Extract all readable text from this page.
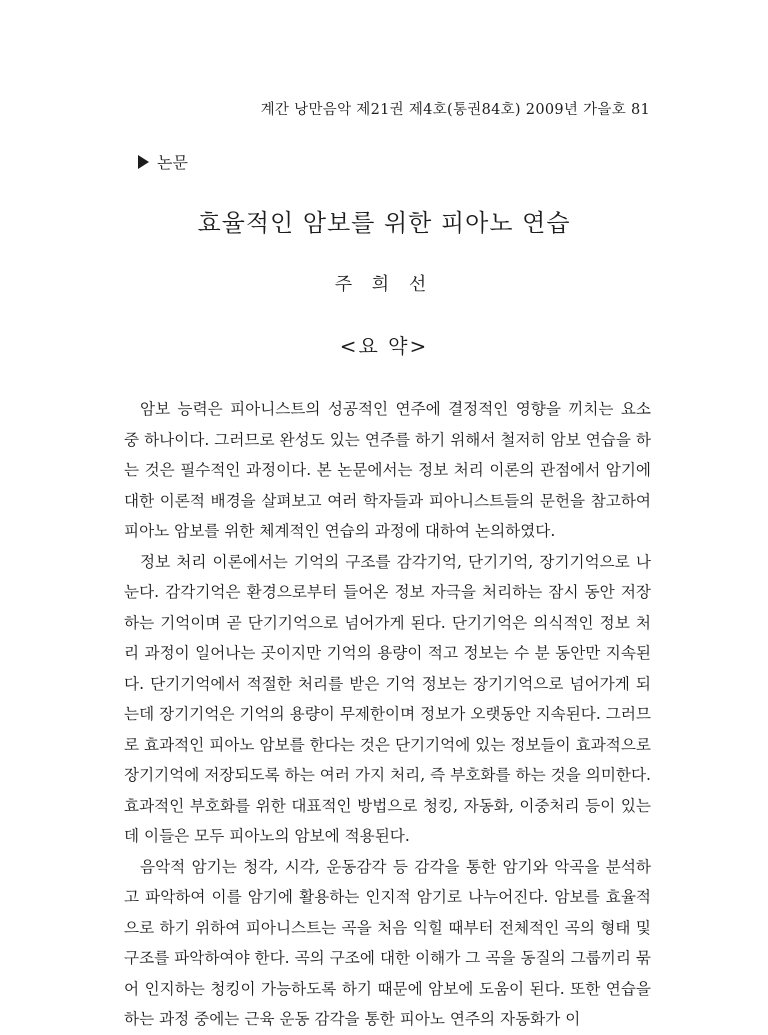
계간 낭만음악 제21권 제4호(통권84호) 2009년 가을호 81
논문
효율적인 암보를 위한 피아노 연습
주 희 선
<요 약>

암보 능력은 피아니스트의 성공적인 연주에 결정적인 영향을 끼치는 요소 중 하나이다. 그러므로 완성도 있는 연주를 하기 위해서 철저히 암보 연습을 하는 것은 필수적인 과정이다. 본 논문에서는 정보 처리 이론의 관점에서 암기에 대한 이론적 배경을 살펴보고 여러 학자들과 피아니스트들의 문헌을 참고하여 피아노 암보를 위한 체계적인 연습의 과정에 대하여 논의하였다.

정보 처리 이론에서는 기억의 구조를 감각기억, 단기기억, 장기기억으로 나눈다. 감각기억은 환경으로부터 들어온 정보 자극을 처리하는 잠시 동안 저장하는 기억이며 곧 단기기억으로 넘어가게 된다. 단기기억은 의식적인 정보 처리 과정이 일어나는 곳이지만 기억의 용량이 적고 정보는 수 분 동안만 지속된다. 단기기억에서 적절한 처리를 받은 기억 정보는 장기기억으로 넘어가게 되는데 장기기억은 기억의 용량이 무제한이며 정보가 오랫동안 지속된다. 그러므로 효과적인 피아노 암보를 한다는 것은 단기기억에 있는 정보들이 효과적으로 장기기억에 저장되도록 하는 여러 가지 처리, 즉 부호화를 하는 것을 의미한다. 효과적인 부호화를 위한 대표적인 방법으로 청킹, 자동화, 이중처리 등이 있는데 이들은 모두 피아노의 암보에 적용된다.

음악적 암기는 청각, 시각, 운동감각 등 감각을 통한 암기와 악곡을 분석하고 파악하여 이를 암기에 활용하는 인지적 암기로 나누어진다. 암보를 효율적으로 하기 위하여 피아니스트는 곡을 처음 익힐 때부터 전체적인 곡의 형태 및 구조를 파악하여야 한다. 곡의 구조에 대한 이해가 그 곡을 동질의 그룹끼리 묶어 인지하는 청킹이 가능하도록 하기 때문에 암보에 도움이 된다. 또한 연습을 하는 과정 중에는 근육 운동 감각을 통한 피아노 연주의 자동화가 이
